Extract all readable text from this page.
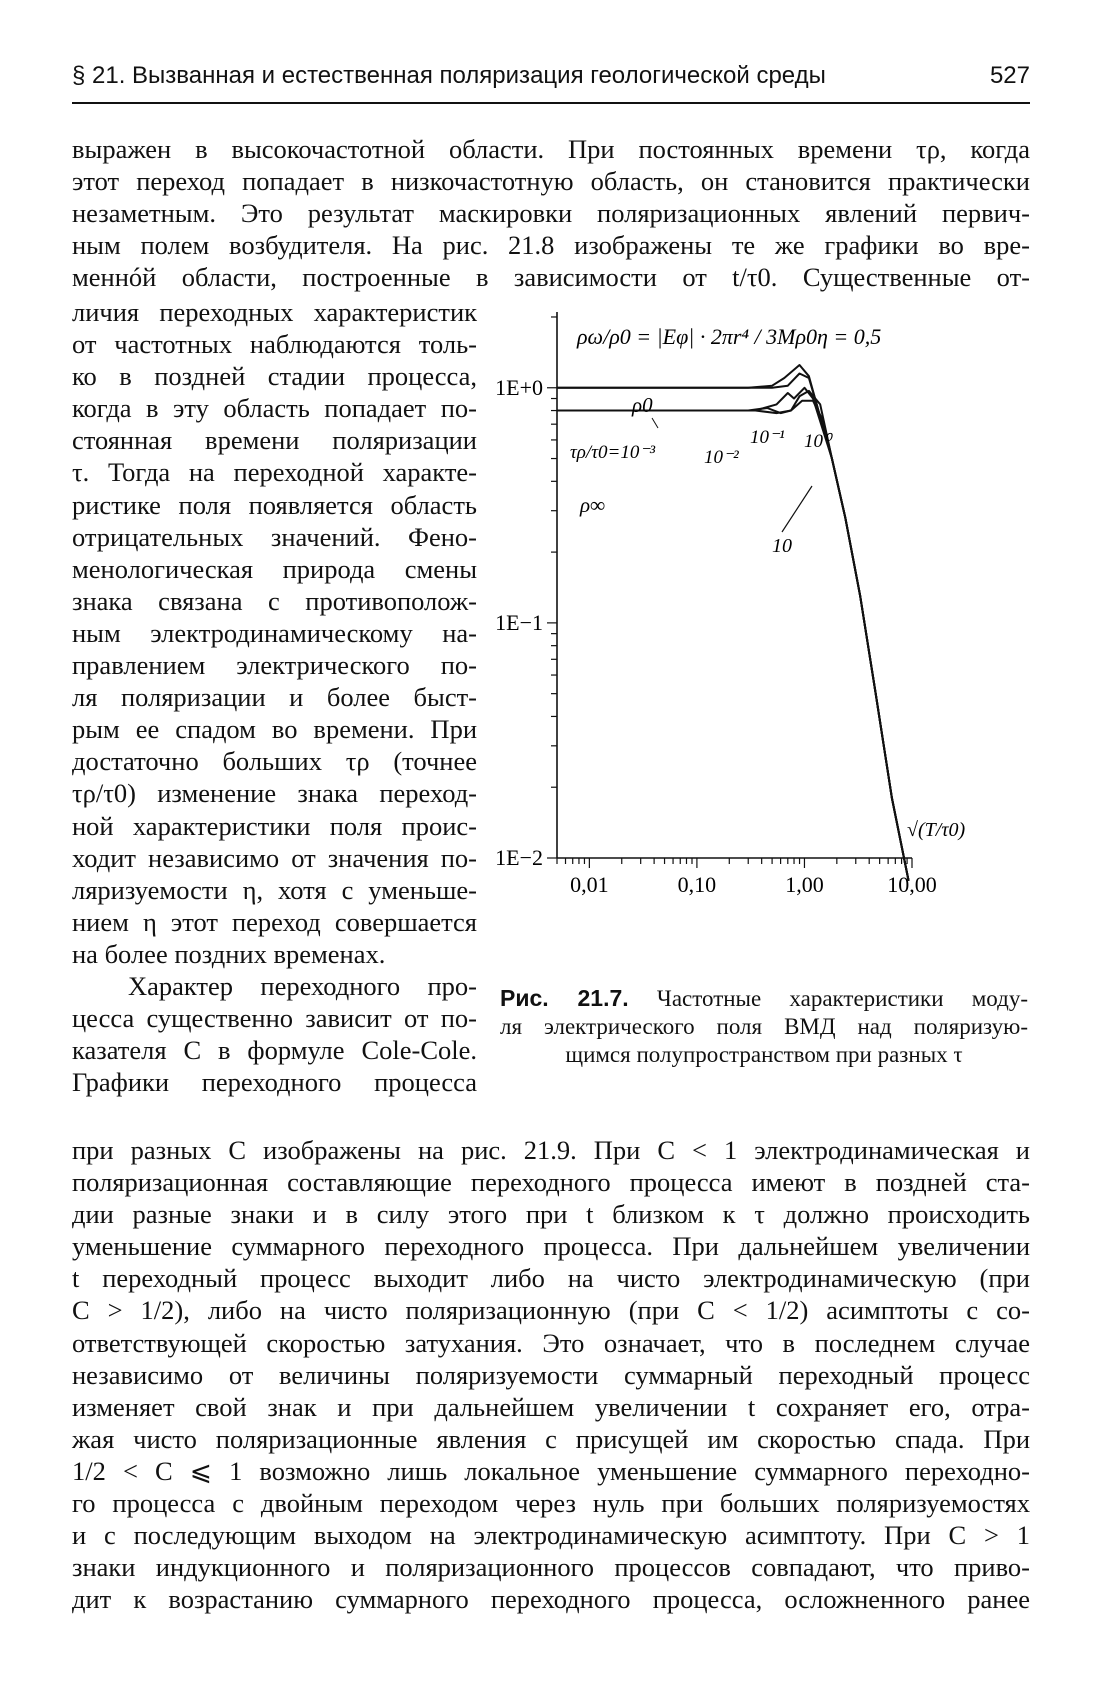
§ 21. Вызванная и естественная поляризация геологической среды	527

выражен в высокочастотной области. При постоянных времени τρ, когда

этот переход попадает в низкочастотную область, он становится практически

незаметным. Это результат маскировки поляризационных явлений первич-

ным полем возбудителя. На рис. 21.8 изображены те же графики во вре-

меннóй области, построенные в зависимости от t/τ0. Существенные от-

личия переходных характеристик

от частотных наблюдаются толь-

ко в поздней стадии процесса,

когда в эту область попадает по-

стоянная времени поляризации

τ. Тогда на переходной характе-

ристике поля появляется область

отрицательных значений. Фено-

менологическая природа смены

знака связана с противополож-

ным электродинамическому на-

правлением электрического по-

ля поляризации и более быст-

рым ее спадом во времени. При

достаточно больших τρ (точнее

τρ/τ0) изменение знака переход-

ной характеристики поля проис-

ходит независимо от значения по-

ляризуемости η, хотя с уменьше-

нием η этот переход совершается

на более поздних временах.

Характер переходного про-

цесса существенно зависит от по-

казателя C в формуле Cole-Cole.

Графики переходного процесса

1E+0
1E−1
1E−2
0,01	0,10	1,00	10,00
ρω/ρ0 = |Eφ| · 2πr⁴ / 3Mρ0 η = 0,5
ρ0
ρ∞
τρ/τ0=10⁻³	10⁻²
10⁻¹ 10⁰
10
√(T/τ0)
Рис. 21.7. Частотные характеристики моду-
ля электрического поля ВМД над поляризую-
щимся полупространством при разных τ

при разных C изображены на рис. 21.9. При C < 1 электродинамическая и

поляризационная составляющие переходного процесса имеют в поздней ста-

дии разные знаки и в силу этого при t близком к τ должно происходить

уменьшение суммарного переходного процесса. При дальнейшем увеличении

t переходный процесс выходит либо на чисто электродинамическую (при

C > 1/2), либо на чисто поляризационную (при C < 1/2) асимптоты с со-

ответствующей скоростью затухания. Это означает, что в последнем случае

независимо от величины поляризуемости суммарный переходный процесс

изменяет свой знак и при дальнейшем увеличении t сохраняет его, отра-

жая чисто поляризационные явления с присущей им скоростью спада. При

1/2 < C ⩽ 1 возможно лишь локальное уменьшение суммарного переходно-

го процесса с двойным переходом через нуль при больших поляризуемостях

и с последующим выходом на электродинамическую асимптоту. При C > 1

знаки индукционного и поляризационного процессов совпадают, что приво-

дит к возрастанию суммарного переходного процесса, осложненного ранее
